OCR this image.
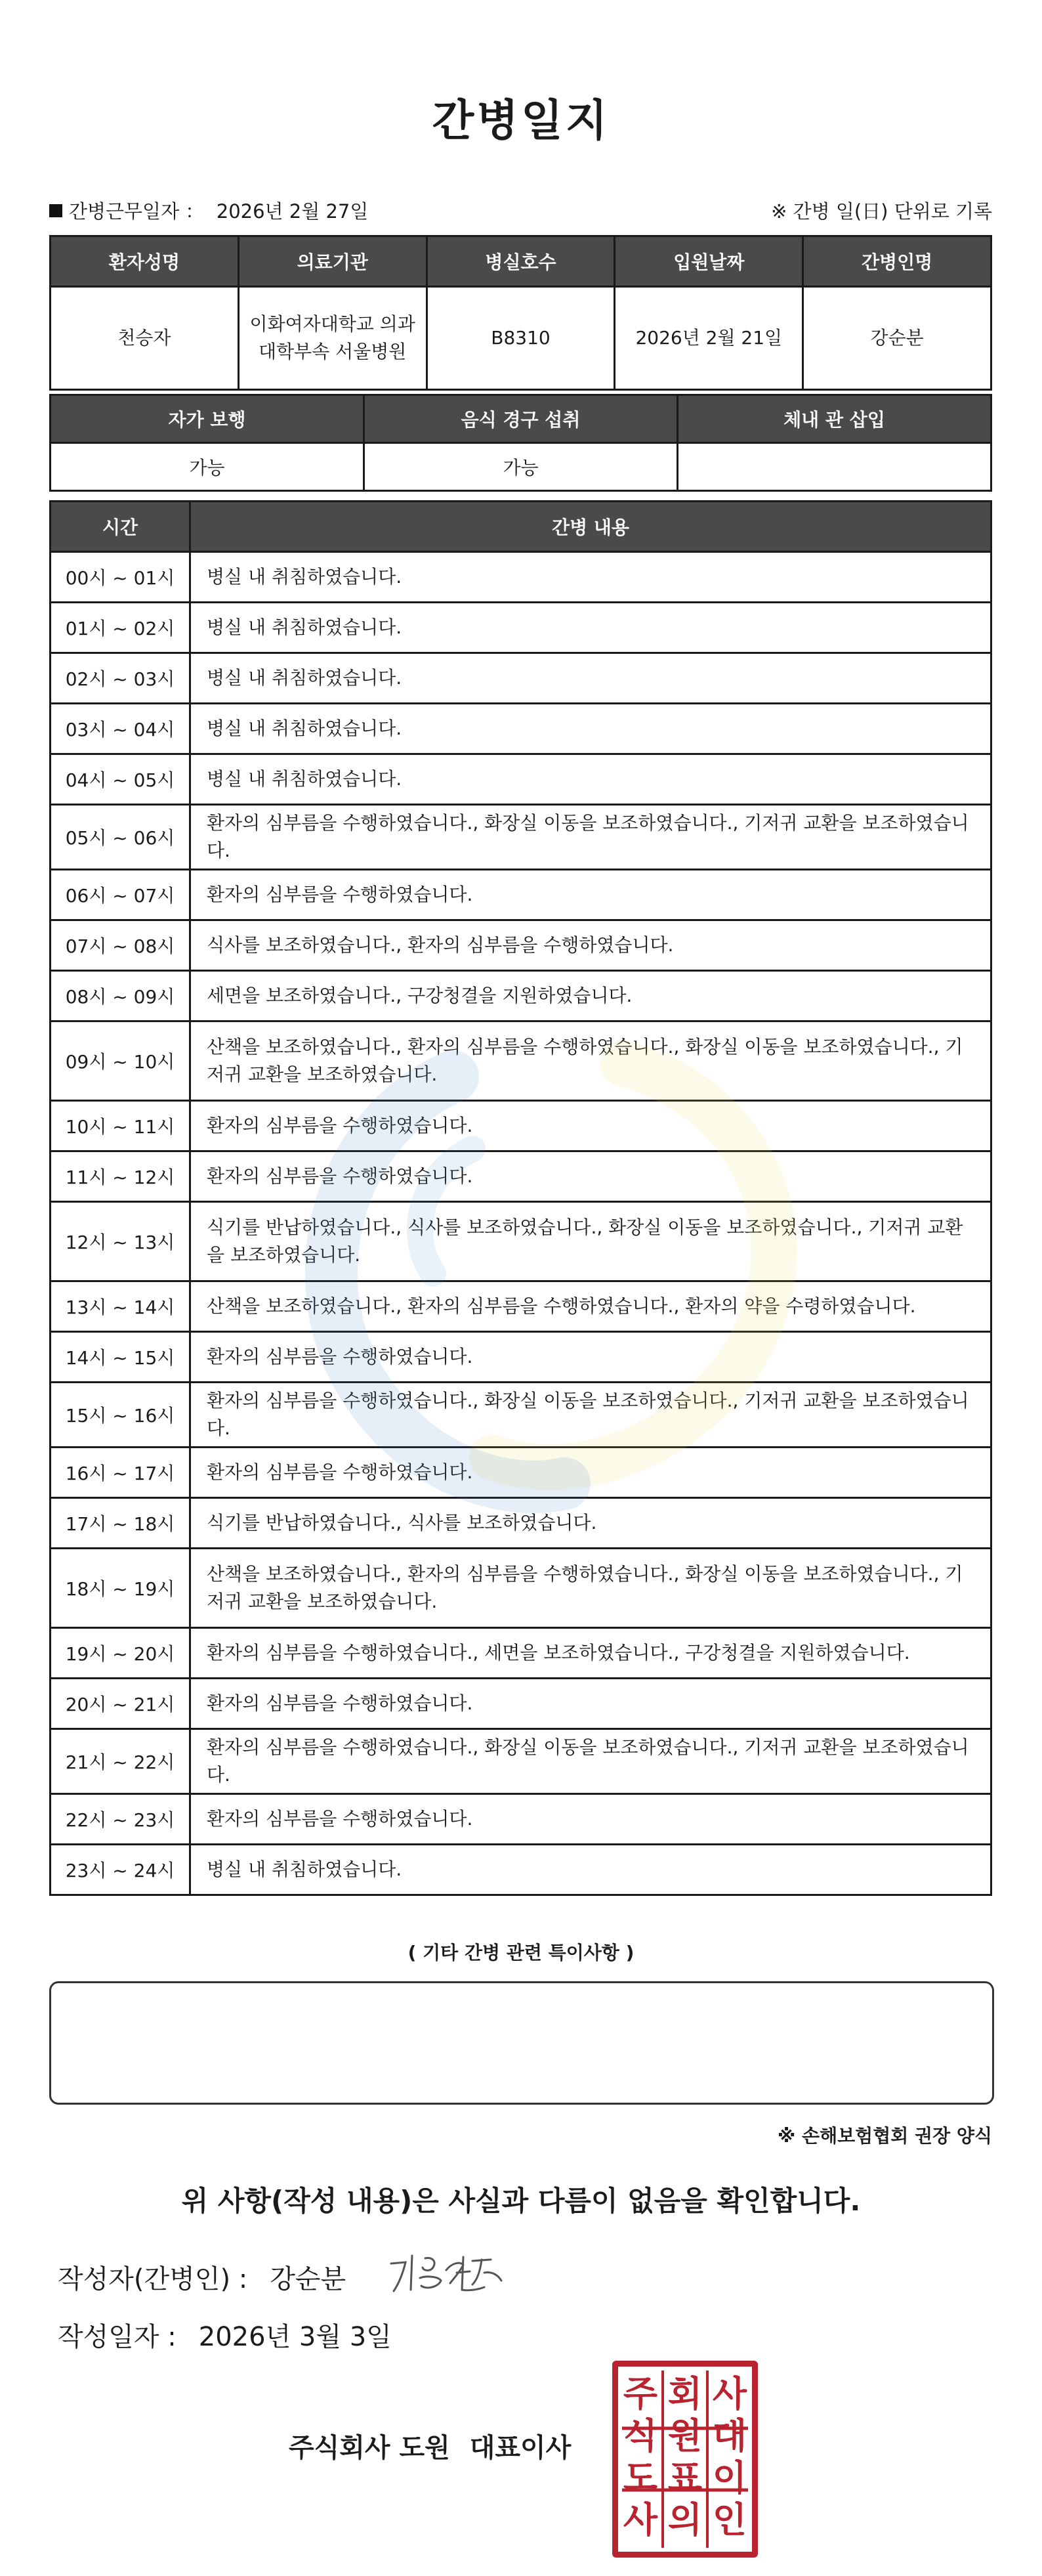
간병일지
간병근무일자 ： 2026년 2월 27일	※ 간병 일(日) 단위로 기록
환자성명	의료기관	병실호수	입원날짜	간병인명
천승자	이화여자대학교 의과대학부속 서울병원	B8310	2026년 2월 21일	강순분
자가 보행	음식 경구 섭취	체내 관 삽입
가능	가능	
시간	간병 내용
00시 ~ 01시	병실 내 취침하였습니다.
01시 ~ 02시	병실 내 취침하였습니다.
02시 ~ 03시	병실 내 취침하였습니다.
03시 ~ 04시	병실 내 취침하였습니다.
04시 ~ 05시	병실 내 취침하였습니다.
05시 ~ 06시	환자의 심부름을 수행하였습니다., 화장실 이동을 보조하였습니다., 기저귀 교환을 보조하였습니다.
06시 ~ 07시	환자의 심부름을 수행하였습니다.
07시 ~ 08시	식사를 보조하였습니다., 환자의 심부름을 수행하였습니다.
08시 ~ 09시	세면을 보조하였습니다., 구강청결을 지원하였습니다.
09시 ~ 10시	산책을 보조하였습니다., 환자의 심부름을 수행하였습니다., 화장실 이동을 보조하였습니다., 기저귀 교환을 보조하였습니다.
10시 ~ 11시	환자의 심부름을 수행하였습니다.
11시 ~ 12시	환자의 심부름을 수행하였습니다.
12시 ~ 13시	식기를 반납하였습니다., 식사를 보조하였습니다., 화장실 이동을 보조하였습니다., 기저귀 교환을 보조하였습니다.
13시 ~ 14시	산책을 보조하였습니다., 환자의 심부름을 수행하였습니다., 환자의 약을 수령하였습니다.
14시 ~ 15시	환자의 심부름을 수행하였습니다.
15시 ~ 16시	환자의 심부름을 수행하였습니다., 화장실 이동을 보조하였습니다., 기저귀 교환을 보조하였습니다.
16시 ~ 17시	환자의 심부름을 수행하였습니다.
17시 ~ 18시	식기를 반납하였습니다., 식사를 보조하였습니다.
18시 ~ 19시	산책을 보조하였습니다., 환자의 심부름을 수행하였습니다., 화장실 이동을 보조하였습니다., 기저귀 교환을 보조하였습니다.
19시 ~ 20시	환자의 심부름을 수행하였습니다., 세면을 보조하였습니다., 구강청결을 지원하였습니다.
20시 ~ 21시	환자의 심부름을 수행하였습니다.
21시 ~ 22시	환자의 심부름을 수행하였습니다., 화장실 이동을 보조하였습니다., 기저귀 교환을 보조하였습니다.
22시 ~ 23시	환자의 심부름을 수행하였습니다.
23시 ~ 24시	병실 내 취침하였습니다.
( 기타 간병 관련 특이사항 )
※ 손해보험협회 권장 양식
위 사항(작성 내용)은 사실과 다름이 없음을 확인합니다.
작성자(간병인) : 강순분
작성일자 : 2026년 3월 3일
주식회사 도원 대표이사
주 회 사 식 원 대 도 표 이 사 의 인
